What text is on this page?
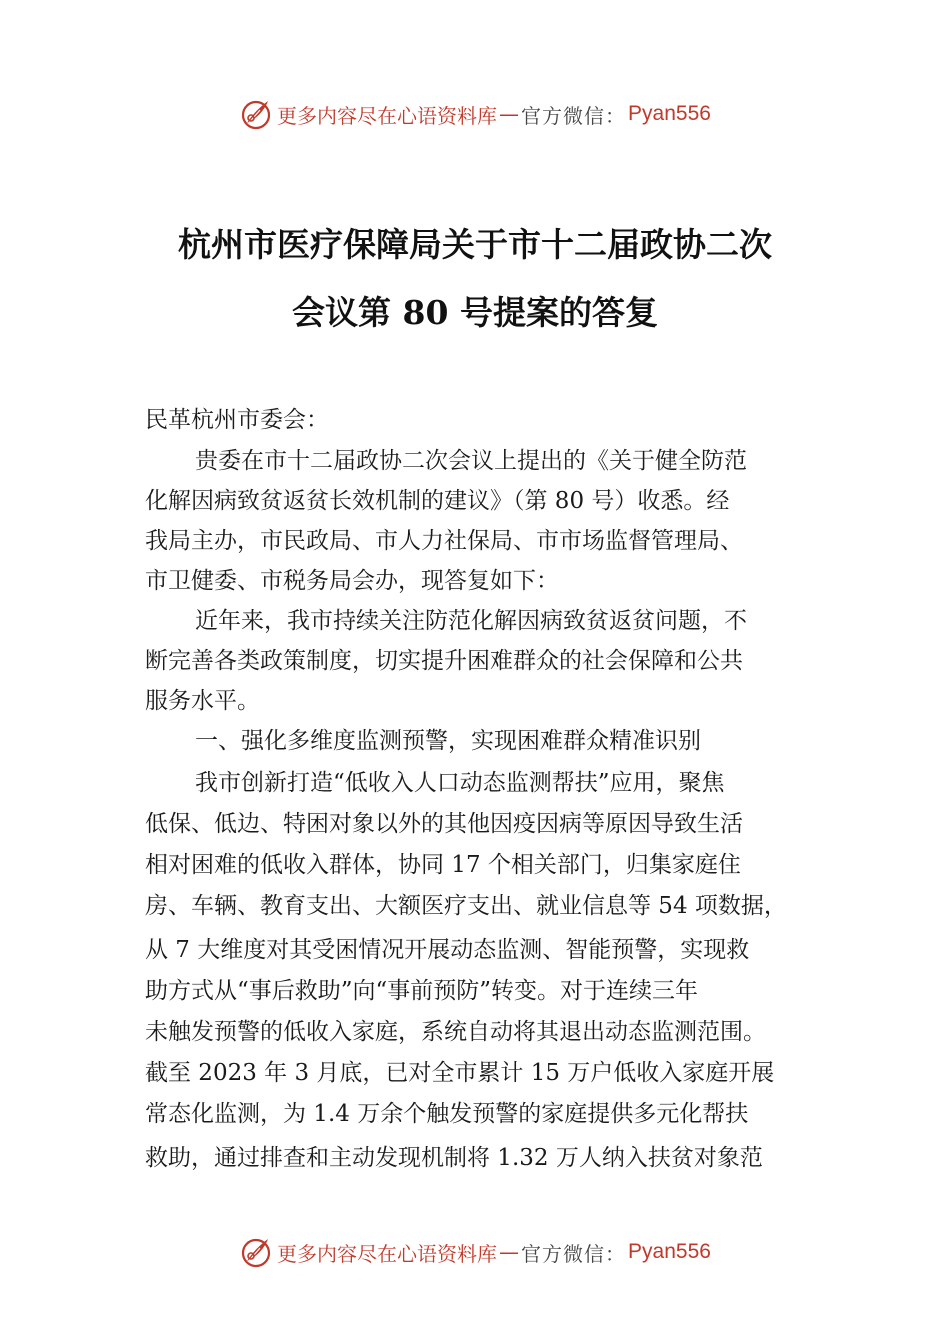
更多内容尽在心语资料库 — 官方微信： Pyan556
杭州市医疗保障局关于市十二届政协二次
会议第 80 号提案的答复
民革杭州市委会：
贵委在市十二届政协二次会议上提出的《关于健全防范
化解因病致贫返贫长效机制的建议》（第 80 号）收悉。经
我局主办，市民政局、市人力社保局、市市场监督管理局、
市卫健委、市税务局会办，现答复如下：
近年来，我市持续关注防范化解因病致贫返贫问题，不
断完善各类政策制度，切实提升困难群众的社会保障和公共
服务水平。
一、强化多维度监测预警，实现困难群众精准识别
我市创新打造“低收入人口动态监测帮扶”应用，聚焦
低保、低边、特困对象以外的其他因疫因病等原因导致生活
相对困难的低收入群体，协同 17 个相关部门，归集家庭住
房、车辆、教育支出、大额医疗支出、就业信息等 54 项数据，
从 7 大维度对其受困情况开展动态监测、智能预警，实现救
助方式从“事后救助”向“事前预防”转变。对于连续三年
未触发预警的低收入家庭，系统自动将其退出动态监测范围。
截至 2023 年 3 月底，已对全市累计 15 万户低收入家庭开展
常态化监测，为 1.4 万余个触发预警的家庭提供多元化帮扶
救助，通过排查和主动发现机制将 1.32 万人纳入扶贫对象范
更多内容尽在心语资料库 — 官方微信： Pyan556
